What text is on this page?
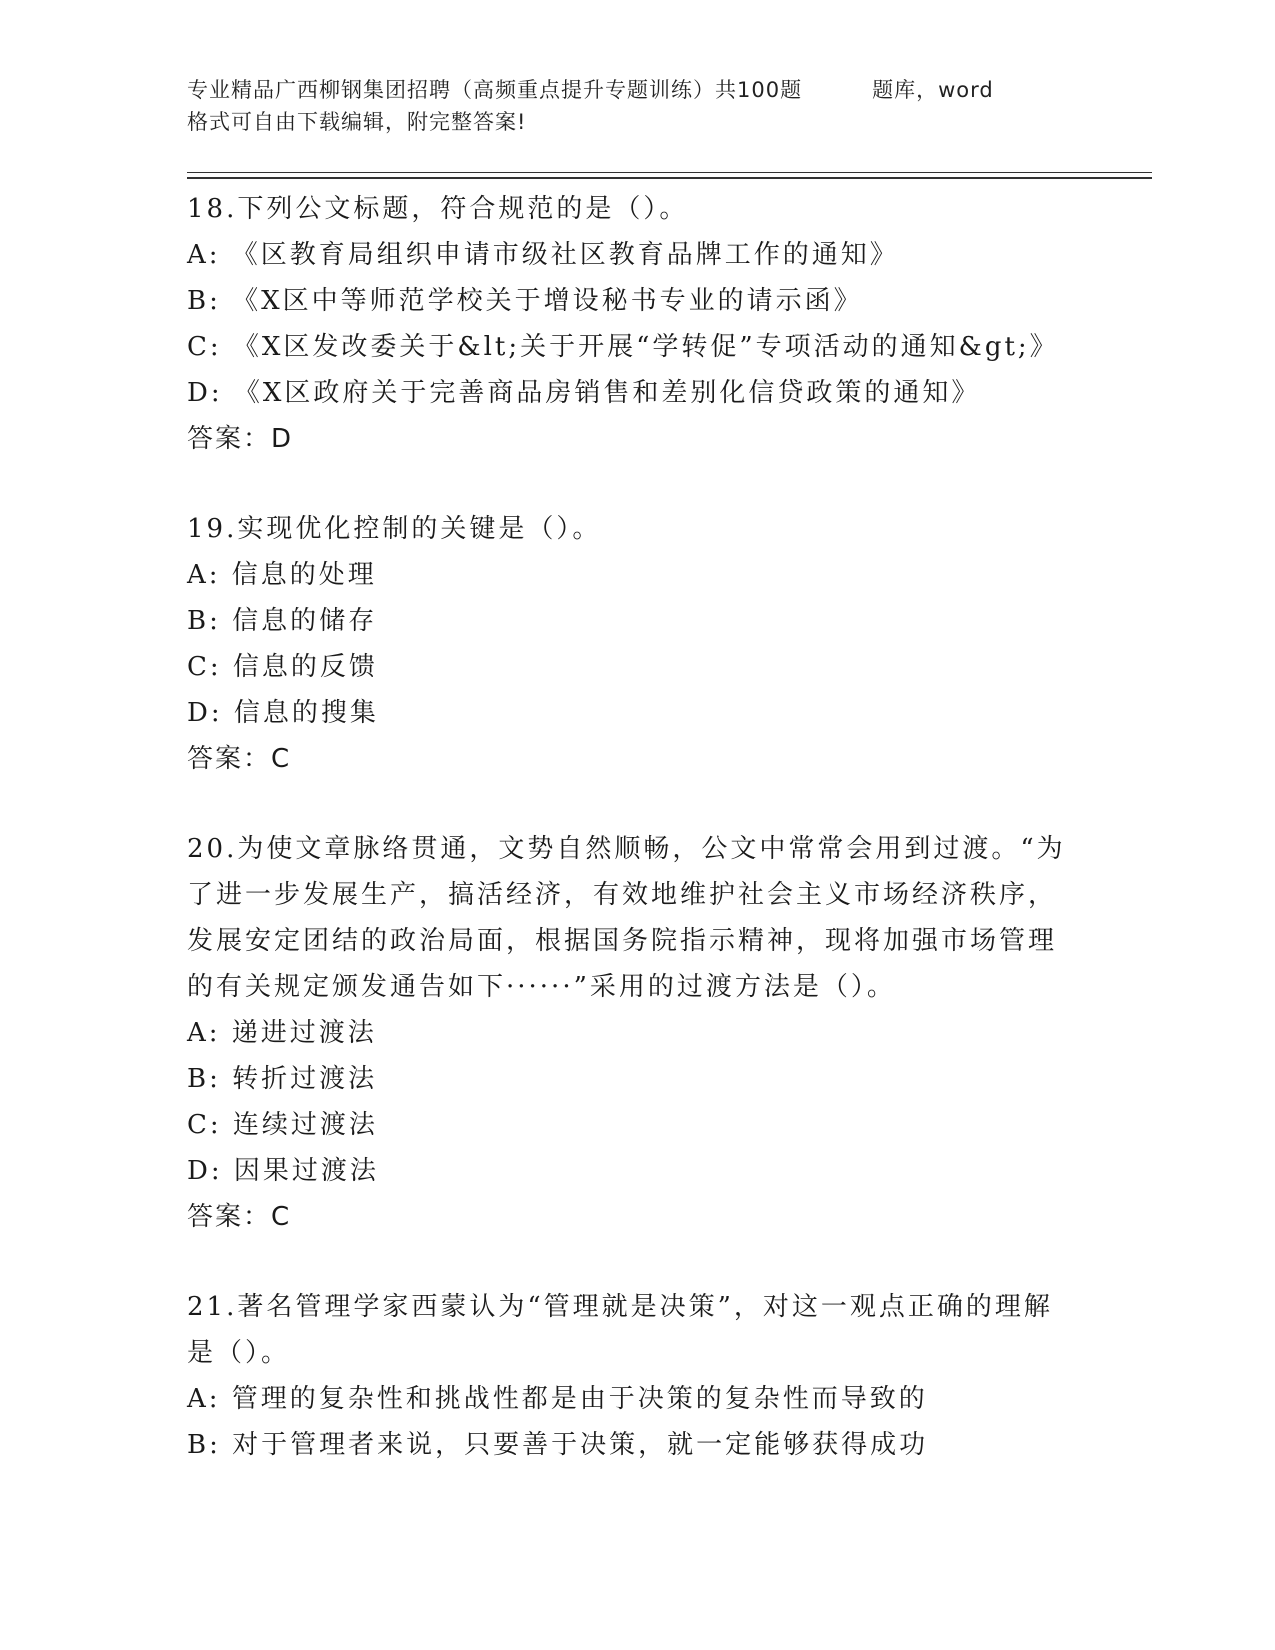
专业精品广西柳钢集团招聘（高频重点提升专题训练）共100题	题库，word
格式可自由下载编辑，附完整答案!
18.下列公文标题，符合规范的是（）。
A: 《区教育局组织申请市级社区教育品牌工作的通知》
B: 《X区中等师范学校关于增设秘书专业的请示函》
C: 《X区发改委关于&lt;关于开展“学转促”专项活动的通知&gt;》
D: 《X区政府关于完善商品房销售和差别化信贷政策的通知》
答案：D
19.实现优化控制的关键是（）。
A: 信息的处理
B: 信息的储存
C: 信息的反馈
D: 信息的搜集
答案：C
20.为使文章脉络贯通，文势自然顺畅，公文中常常会用到过渡。“为
了进一步发展生产，搞活经济，有效地维护社会主义市场经济秩序，
发展安定团结的政治局面，根据国务院指示精神，现将加强市场管理
的有关规定颁发通告如下······”采用的过渡方法是（）。
A: 递进过渡法
B: 转折过渡法
C: 连续过渡法
D: 因果过渡法
答案：C
21.著名管理学家西蒙认为“管理就是决策”，对这一观点正确的理解
是（）。
A: 管理的复杂性和挑战性都是由于决策的复杂性而导致的
B: 对于管理者来说，只要善于决策，就一定能够获得成功
